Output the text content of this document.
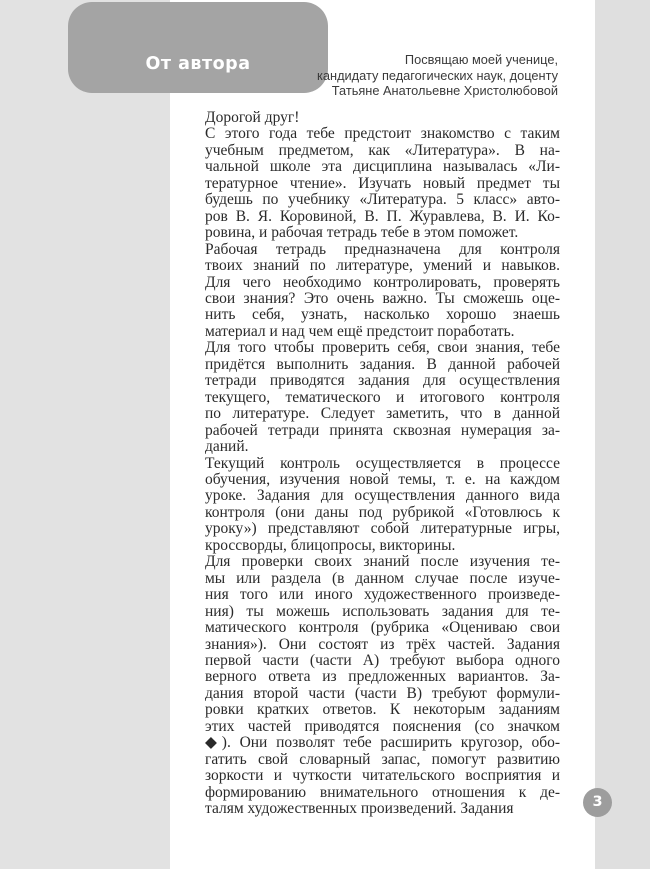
От автора	Посвящаю моей ученице,
кандидату педагогических наук, доценту
Татьяне Анатольевне Христолюбовой
Дорогой друг!
С этого года тебе предстоит знакомство с таким
учебным предметом, как «Литература». В на-
чальной школе эта дисциплина называлась «Ли-
тературное чтение». Изучать новый предмет ты
будешь по учебнику «Литература. 5 класс» авто-
ров В. Я. Коровиной, В. П. Журавлева, В. И. Ко-
ровина, и рабочая тетрадь тебе в этом поможет.
Рабочая тетрадь предназначена для контроля
твоих знаний по литературе, умений и навыков.
Для чего необходимо контролировать, проверять
свои знания? Это очень важно. Ты сможешь оце-
нить себя, узнать, насколько хорошо знаешь
материал и над чем ещё предстоит поработать.
Для того чтобы проверить себя, свои знания, тебе
придётся выполнить задания. В данной рабочей
тетради приводятся задания для осуществления
текущего, тематического и итогового контроля
по литературе. Следует заметить, что в данной
рабочей тетради принята сквозная нумерация за-
даний.
Текущий контроль осуществляется в процессе
обучения, изучения новой темы, т. е. на каждом
уроке. Задания для осуществления данного вида
контроля (они даны под рубрикой «Готовлюсь к
уроку») представляют собой литературные игры,
кроссворды, блицопросы, викторины.
Для проверки своих знаний после изучения те-
мы или раздела (в данном случае после изуче-
ния того или иного художественного произведе-
ния) ты можешь использовать задания для те-
матического контроля (рубрика «Оцениваю свои
знания»). Они состоят из трёх частей. Задания
первой части (части А) требуют выбора одного
верного ответа из предложенных вариантов. За-
дания второй части (части В) требуют формули-
ровки кратких ответов. К некоторым заданиям
этих частей приводятся пояснения (со значком
◆). Они позволят тебе расширить кругозор, обо-
гатить свой словарный запас, помогут развитию
зоркости и чуткости читательского восприятия и
формированию внимательного отношения к де-
талям художественных произведений. Задания	3
